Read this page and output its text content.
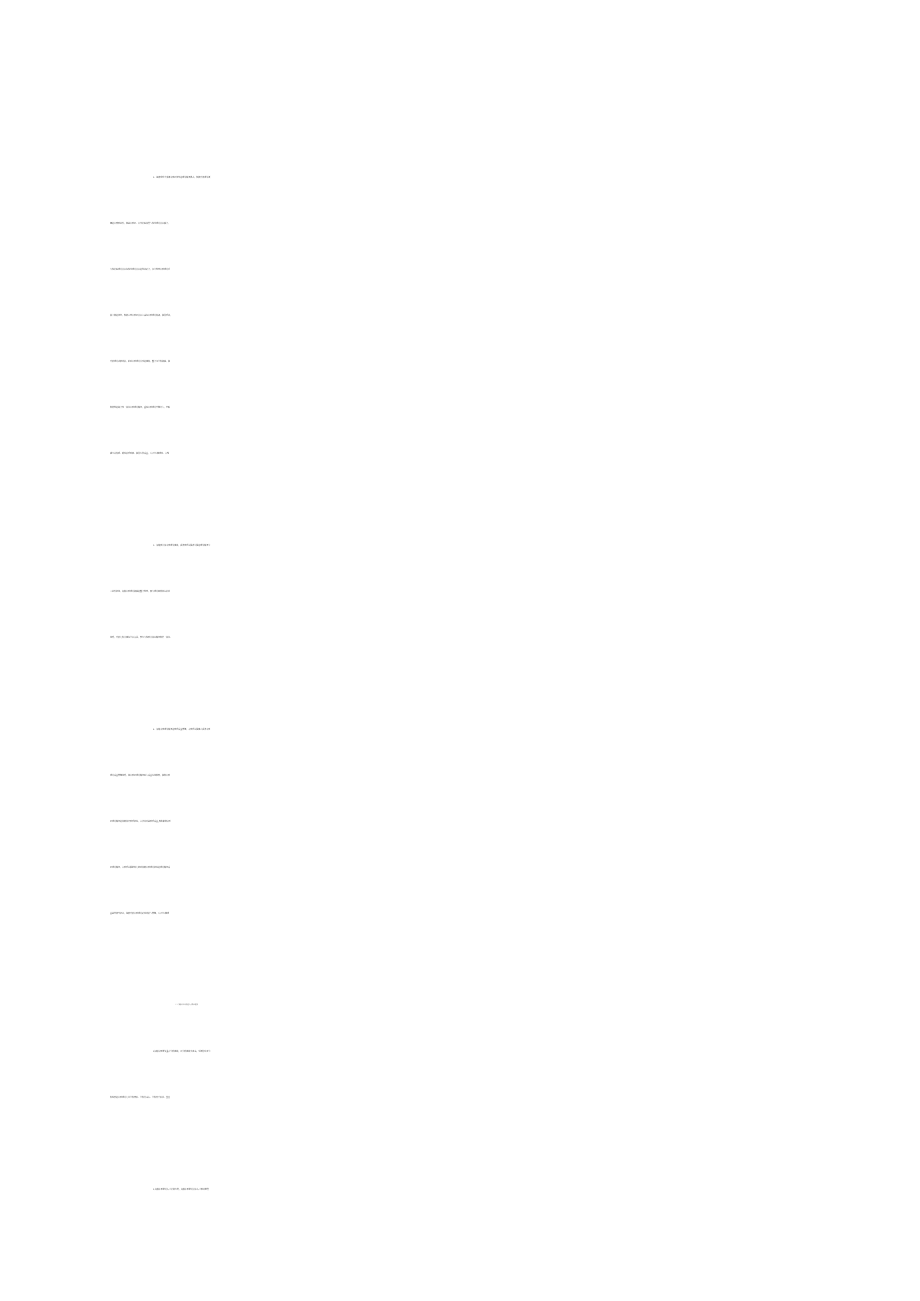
2．探索有利于发挥中医药优势的康复服务模式。积极开展康复领

域的中西医协作，促进中医药、中华传统体育与现代康复技术融合，

实现传统康复技术和现代康复技术的有效结合。充分利用中医康复手

段丰富的优势，积极应用中医药技术方法和中医康复设备，提高疗效。

开展康复功能评估。推动中医康复单元的建设，整合多学科资源，提

供便利的综合性一体化中医康复服务。重视中医康复早期介入，争取

减少并发症、缩短治疗时间、提高生存质量。（市卫生健康局、市残

3．加强医共体中医康复建设。完善医疗总院各分院的康复服务分

工协作机制，加强中医康复资源的整合利用，落实康复患者双向转诊

制度，开展专科共建和学术交流，努力实现医共体内服务供给一体化、

4．加强中医康复服务的医疗质量管理。市医疗总院建立完善中医

康复质量管理制度，将中医药康复服务纳入质量控制范围。提供中医

药康复服务的各级各类医疗机构，应持续改进医疗质量,规范提供中医

药康复服务，市医疗总院组织专家对各级中医康复机构的康复服务质

量进行督导检查。探索开展中医康复结局评价与管理。（市卫生健康

（三）加强中医药康复人才队伍建设

L加强中医康复重点学科建设。以学科建设为龙头，引领带动多学

科背景的中医康复专业学科团队、学科带头人、学科骨干队伍、基层

2.加强中医康复人才培训力度。加强中医康复技术人才继续教育
